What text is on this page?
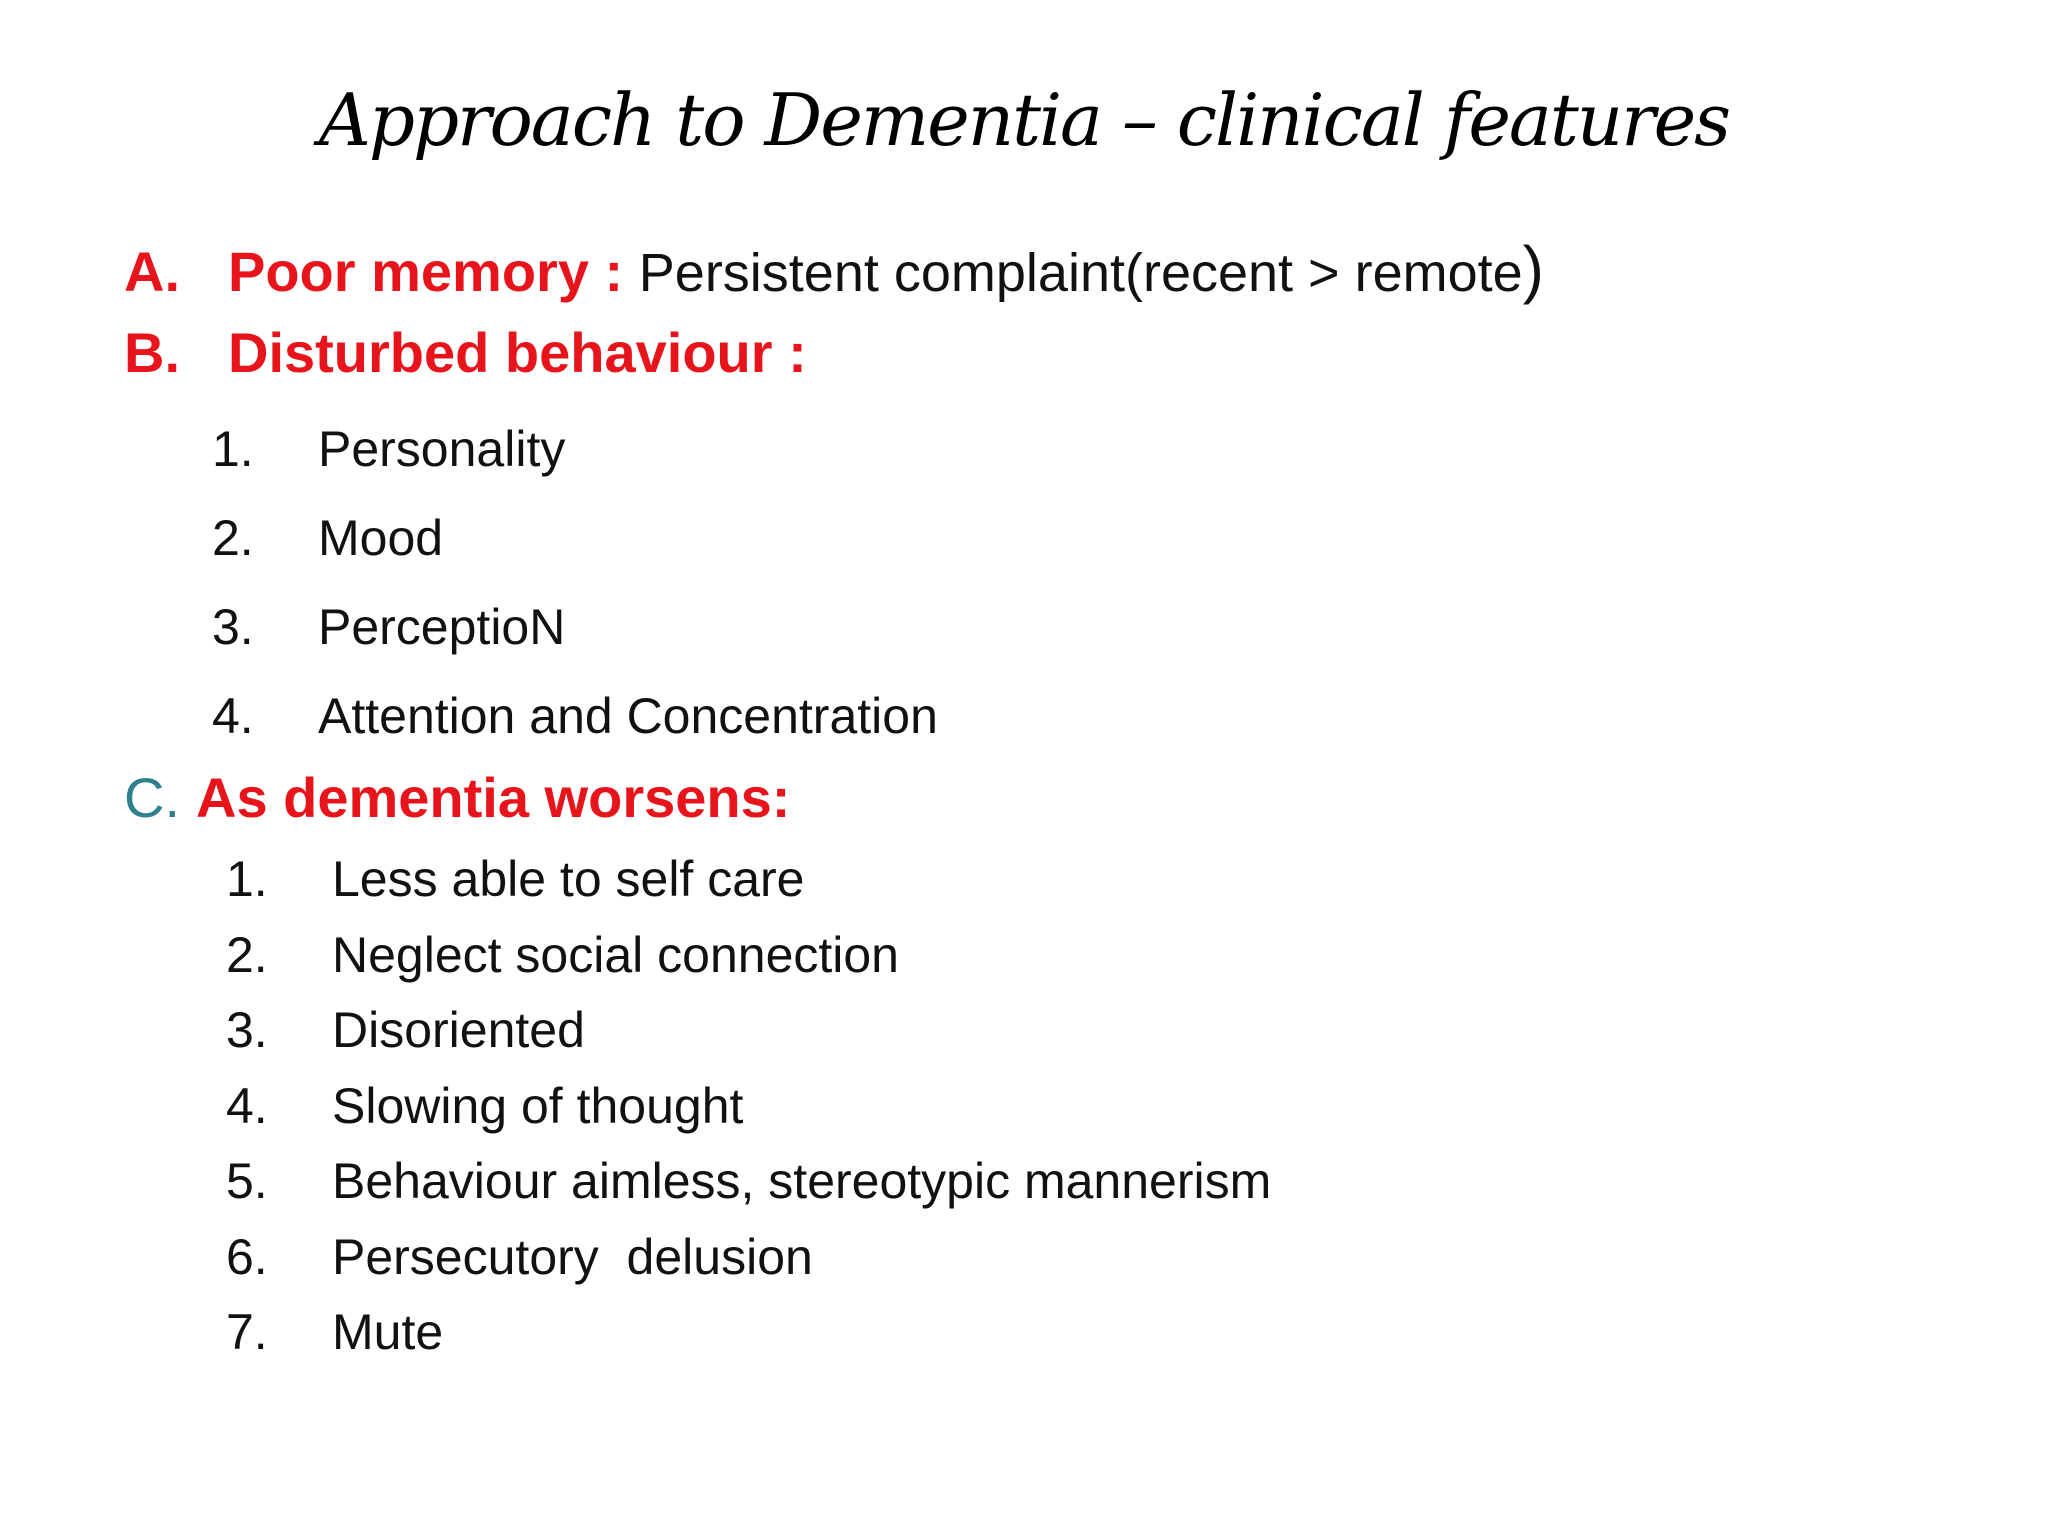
Approach to Dementia – clinical features
A. Poor memory : Persistent complaint(recent > remote)
B. Disturbed behaviour :
1. Personality
2. Mood
3. PerceptioN
4. Attention and Concentration
C. As dementia worsens:
1. Less able to self care
2. Neglect social connection
3. Disoriented
4. Slowing of thought
5. Behaviour aimless, stereotypic mannerism
6. Persecutory  delusion
7. Mute
